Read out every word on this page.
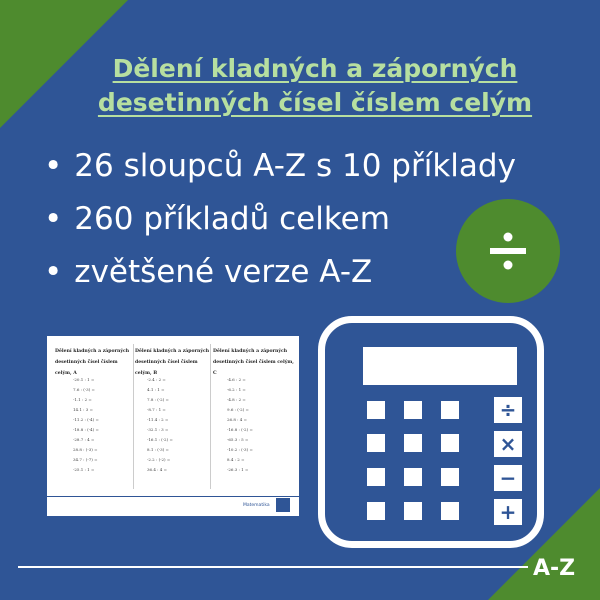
Dělení kladných a záporných
desetinných čísel číslem celým
• 26 sloupců A-Z s 10 příklady
• 260 příkladů celkem
• zvětšené verze A-Z
÷
×
−
+
Dělení kladných a záporných
desetinných čísel číslem celým, A
-20.1 : 1 =
7.6 : (-3) =
-1.1 : 2 =
14.1 : 3 =
-11.2 : (-4) =
-18.8 : (-4) =
-28.7 : 4 =
28.8 : (-3) =
34.7 : (-7) =
-25.1 : 1 =
Dělení kladných a záporných
desetinných čísel číslem celým, B
-2.4 : 2 =
4.1 : 1 =
7.8 : (-2) =
-8.7 : 1 =
-11.4 : 2 =
-32.1 : 3 =
-16.1 : (-2) =
8.1 : (-3) =
-2.2 : (-2) =
36.4 : 4 =
Dělení kladných a záporných
desetinných čísel číslem celým, C
-4.6 : 2 =
-6.2 : 1 =
-4.8 : 2 =
9.6 : (-2) =
26.8 : 4 =
-16.8 : (-2) =
-65.3 : 5 =
-10.2 : (-3) =
8.4 : 2 =
-26.3 : 1 =
Matematika
A-Z
